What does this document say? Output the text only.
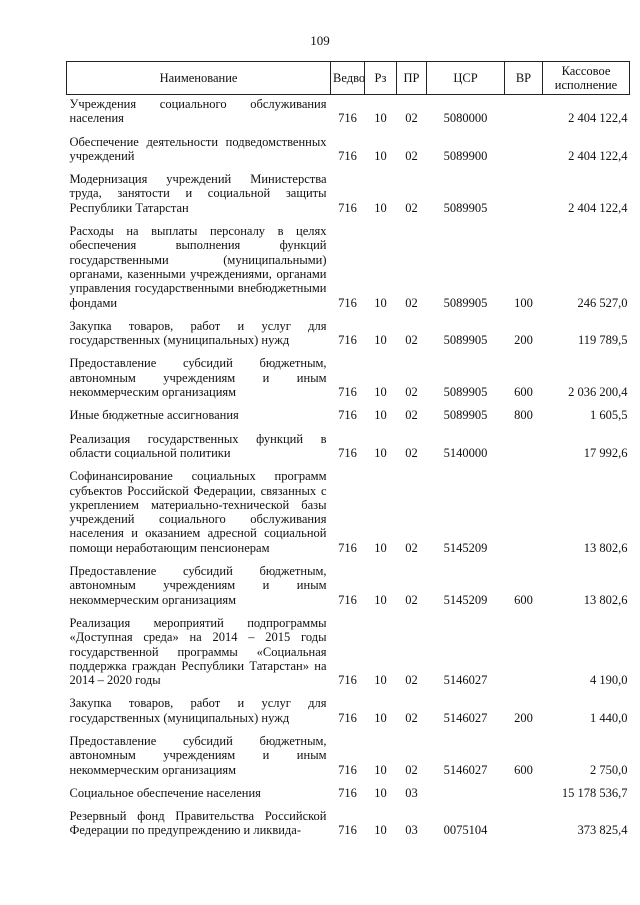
109
Наименование	Ведво	Рз	ПР	ЦСР	ВР	Кассовое исполнение
Учреждения социального обслуживания населения	716	10	02	5080000		2 404 122,4
Обеспечение деятельности подведомственных учреждений	716	10	02	5089900		2 404 122,4
Модернизация учреждений Министерства труда, занятости и социальной защиты Республики Татарстан	716	10	02	5089905		2 404 122,4
Расходы на выплаты персоналу в целях обеспечения выполнения функций государственными (муниципальными) органами, казенными учреждениями, органами управления государственными внебюджетными фондами	716	10	02	5089905	100	246 527,0
Закупка товаров, работ и услуг для государственных (муниципальных) нужд	716	10	02	5089905	200	119 789,5
Предоставление субсидий бюджетным, автономным учреждениям и иным некоммерческим организациям	716	10	02	5089905	600	2 036 200,4
Иные бюджетные ассигнования	716	10	02	5089905	800	1 605,5
Реализация государственных функций в области социальной политики	716	10	02	5140000		17 992,6
Софинансирование социальных программ субъектов Российской Федерации, связанных с укреплением материально-технической базы учреждений социального обслуживания населения и оказанием адресной социальной помощи неработающим пенсионерам	716	10	02	5145209		13 802,6
Предоставление субсидий бюджетным, автономным учреждениям и иным некоммерческим организациям	716	10	02	5145209	600	13 802,6
Реализация мероприятий подпрограммы «Доступная среда» на 2014 – 2015 годы государственной программы «Социальная поддержка граждан Республики Татарстан» на 2014 – 2020 годы	716	10	02	5146027		4 190,0
Закупка товаров, работ и услуг для государственных (муниципальных) нужд	716	10	02	5146027	200	1 440,0
Предоставление субсидий бюджетным, автономным учреждениям и иным некоммерческим организациям	716	10	02	5146027	600	2 750,0
Социальное обеспечение населения	716	10	03			15 178 536,7
Резервный фонд Правительства Российской Федерации по предупреждению и ликвида-	716	10	03	0075104		373 825,4
